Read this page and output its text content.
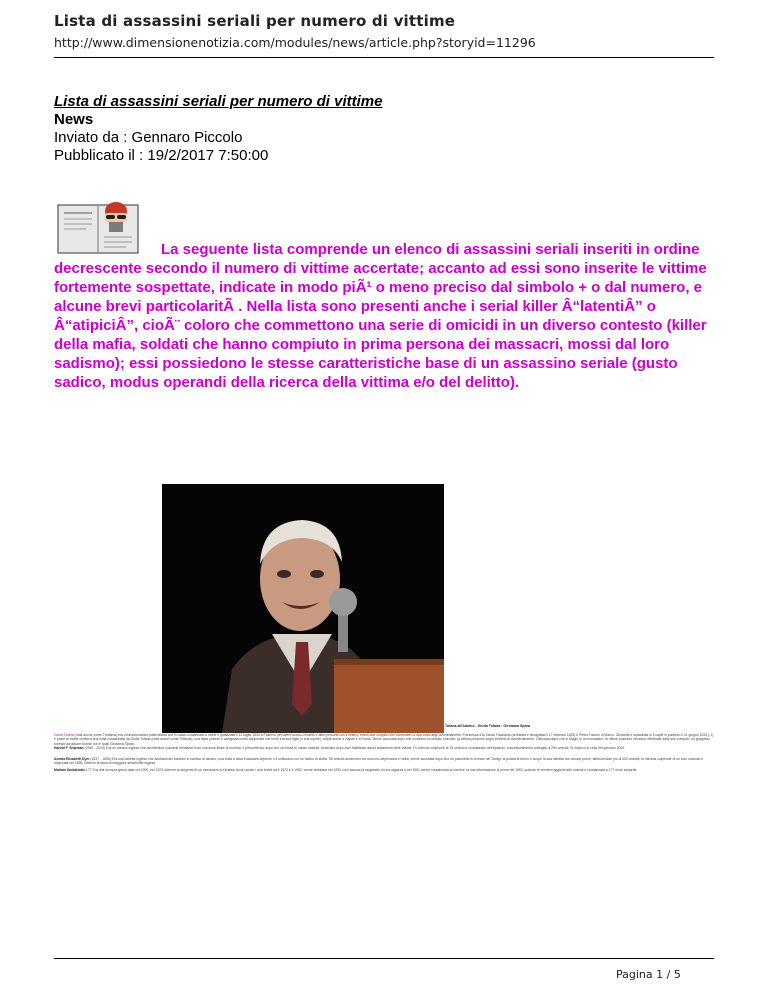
Lista di assassini seriali per numero di vittime
http://www.dimensionenotizia.com/modules/news/article.php?storyid=11296
Lista di assassini seriali per numero di vittime
News
Inviato da : Gennaro Piccolo
Pubblicato il : 19/2/2017 7:50:00
La seguente lista comprende un elenco di assassini seriali inseriti in ordine decrescente secondo il numero di vittime accertate; accanto ad essi sono inserite le vittime fortemente sospettate, indicate in modo piÃ¹ o meno preciso dal simbolo + o dal numero, e alcune brevi particolaritÃ . Nella lista sono presenti anche i serial killer Â“latentiÂ” o Â“atipiciÂ”, cioÃ¨ coloro che commettono una serie di omicidi in un diverso contesto (killer della mafia, soldati che hanno compiuto in prima persona dei massacri, mossi dal loro sadismo); essi possiedono le stesse caratteristiche base di un assassino seriale (gusto sadico, modus operandi della ricerca della vittima e/o del delitto).
Tofana all'Adamo - Giulia Tofana - Girolama Spara
Giulia Tofana (nota anche come Thofania) era un'avvelenatrice palermitana che fu stata condannata a morte e giustiziata il 12 luglio 1633 a Palermo per avere ucciso il marito e altre persone con il veleno; erano due complici che commisero a sua volta degli avvelenamenti: Francesca d'la Sarda, Raccandi (arrestata e decapitata il 17 febbraio 1633) e Pietro Falconi di Marco. Girolama e squadrata in il capiti in pubblico il 21 giugno 1633 (-1) e poste di morte veniva a sua volta condannata da Giulia Tofana (nota anche come Toffania), una falsa polvere o cartigiana molto adoperata che forse era sua figlia (o sua nipote), colpiti anche a Napoli e a Roma. Venne accusata dopo che confessò un tentato omicidio; la vittima presentò segni evidenti di avvelenamento. Catturata dopo che si rifugiò in un monastero, le ultime posizioni verranno effettuate dalle sue complici, un gruppetto formato da alcune donne, tra le quali Girolama Spara.
Harold F. Shipman (1946 - 2004) Era un medico inglese che avvelenava i pazienti mediante l'uso una dose letale di morfina, e presumendo dopo che ciò fosse le cause naturali. Accertato dopo aver falsificato alcuni testamenti delle vittime. Fu ritenuto colpevole di 15 omicidi e condannato all'ergastolo; successivamente collegato a 250 omicidi. Si impiccò in cella nel gennaio 2004.
Amelia Elizabeth Dyer (1837 - 1896) Era una balietta inglese che adottava dei bambini in cambio di denaro, una volta a casa li lasciava deperire o li soffocava con un nastro di stoffa. Gli omicidi avvennero tra una crisi depressiva e l'altra; venne accusata dopo che un pacchetto fu trovato nel Tamigi; la polizia la fermò e scoprì la sua identità con alcune prove; attribuendole più di 400 omicidi; fu ritenuta colpevole di un solo omicidio e impiccata nel 1896. Detiene la fama di maggiore serial killer inglese.
Mariam Soulakiotis 177 Era una monaca greca nata nel 1900, nel 1923 divenne la dirigente di un monastero a Keratea, dove uccise i suoi fedeli tra il 1923 e il 1950, venne arrestata nel 1950 con l'accusa di sequestro di una ragazza e nel 1951 venne condannata al carcere; la sua informazione si perse nel 1953, quando le vennero aggiunti altri omicidi e condannata a 177 morti sospette.
Pagina 1 / 5
